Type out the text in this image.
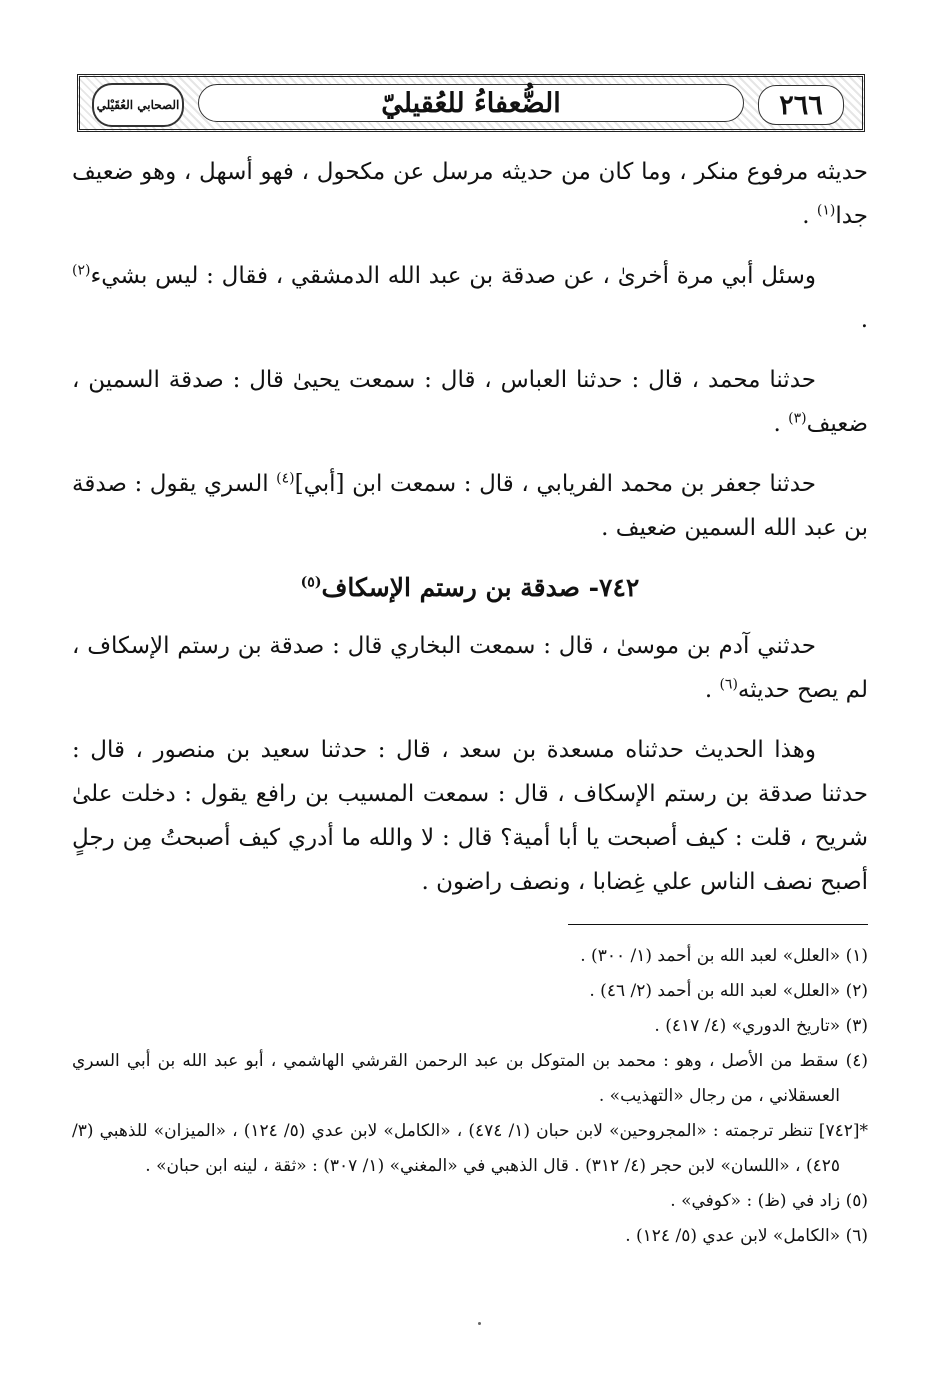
الصحابي العُقَيْلي	الضُّعفاءُ للعُقيليّ	٢٦٦

حديثه مرفوع منكر ، وما كان من حديثه مرسل عن مكحول ، فهو أسهل ، وهو ضعيف جدا$^{(١)}$ .

وسئل أبي مرة أخرىٰ ، عن صدقة بن عبد الله الدمشقي ، فقال : ليس بشيء$^{(٢)}$ .

حدثنا محمد ، قال : حدثنا العباس ، قال : سمعت يحيىٰ قال : صدقة السمين ، ضعيف$^{(٣)}$ .

حدثنا جعفر بن محمد الفريابي ، قال : سمعت ابن [أبي]$^{(٤)}$ السري يقول : صدقة بن عبد الله السمين ضعيف .

٧٤٢- صدقة بن رستم الإسكاف$^{(٥)}$

حدثني آدم بن موسىٰ ، قال : سمعت البخاري قال : صدقة بن رستم الإسكاف ، لم يصح حديثه$^{(٦)}$ .

وهذا الحديث حدثناه مسعدة بن سعد ، قال : حدثنا سعيد بن منصور ، قال : حدثنا صدقة بن رستم الإسكاف ، قال : سمعت المسيب بن رافع يقول : دخلت علىٰ شريح ، قلت : كيف أصبحت يا أبا أمية؟ قال : لا والله ما أدري كيف أصبحتُ مِن رجلٍ أصبح نصف الناس علي غِضابا ، ونصف راضون .

(١) «العلل» لعبد الله بن أحمد (١/ ٣٠٠) .

(٢) «العلل» لعبد الله بن أحمد (٢/ ٤٦) .

(٣) «تاريخ الدوري» (٤/ ٤١٧) .

(٤) سقط من الأصل ، وهو : محمد بن المتوكل بن عبد الرحمن القرشي الهاشمي ، أبو عبد الله بن أبي السري العسقلاني ، من رجال «التهذيب» .

*[٧٤٢] تنظر ترجمته : «المجروحين» لابن حبان (١/ ٤٧٤) ، «الكامل» لابن عدي (٥/ ١٢٤) ، «الميزان» للذهبي (٣/ ٤٢٥) ، «اللسان» لابن حجر (٤/ ٣١٢) . قال الذهبي في «المغني» (١/ ٣٠٧) : «ثقة ، لينه ابن حبان» .

(٥) زاد في (ظ) : «كوفي» .

(٦) «الكامل» لابن عدي (٥/ ١٢٤) .
